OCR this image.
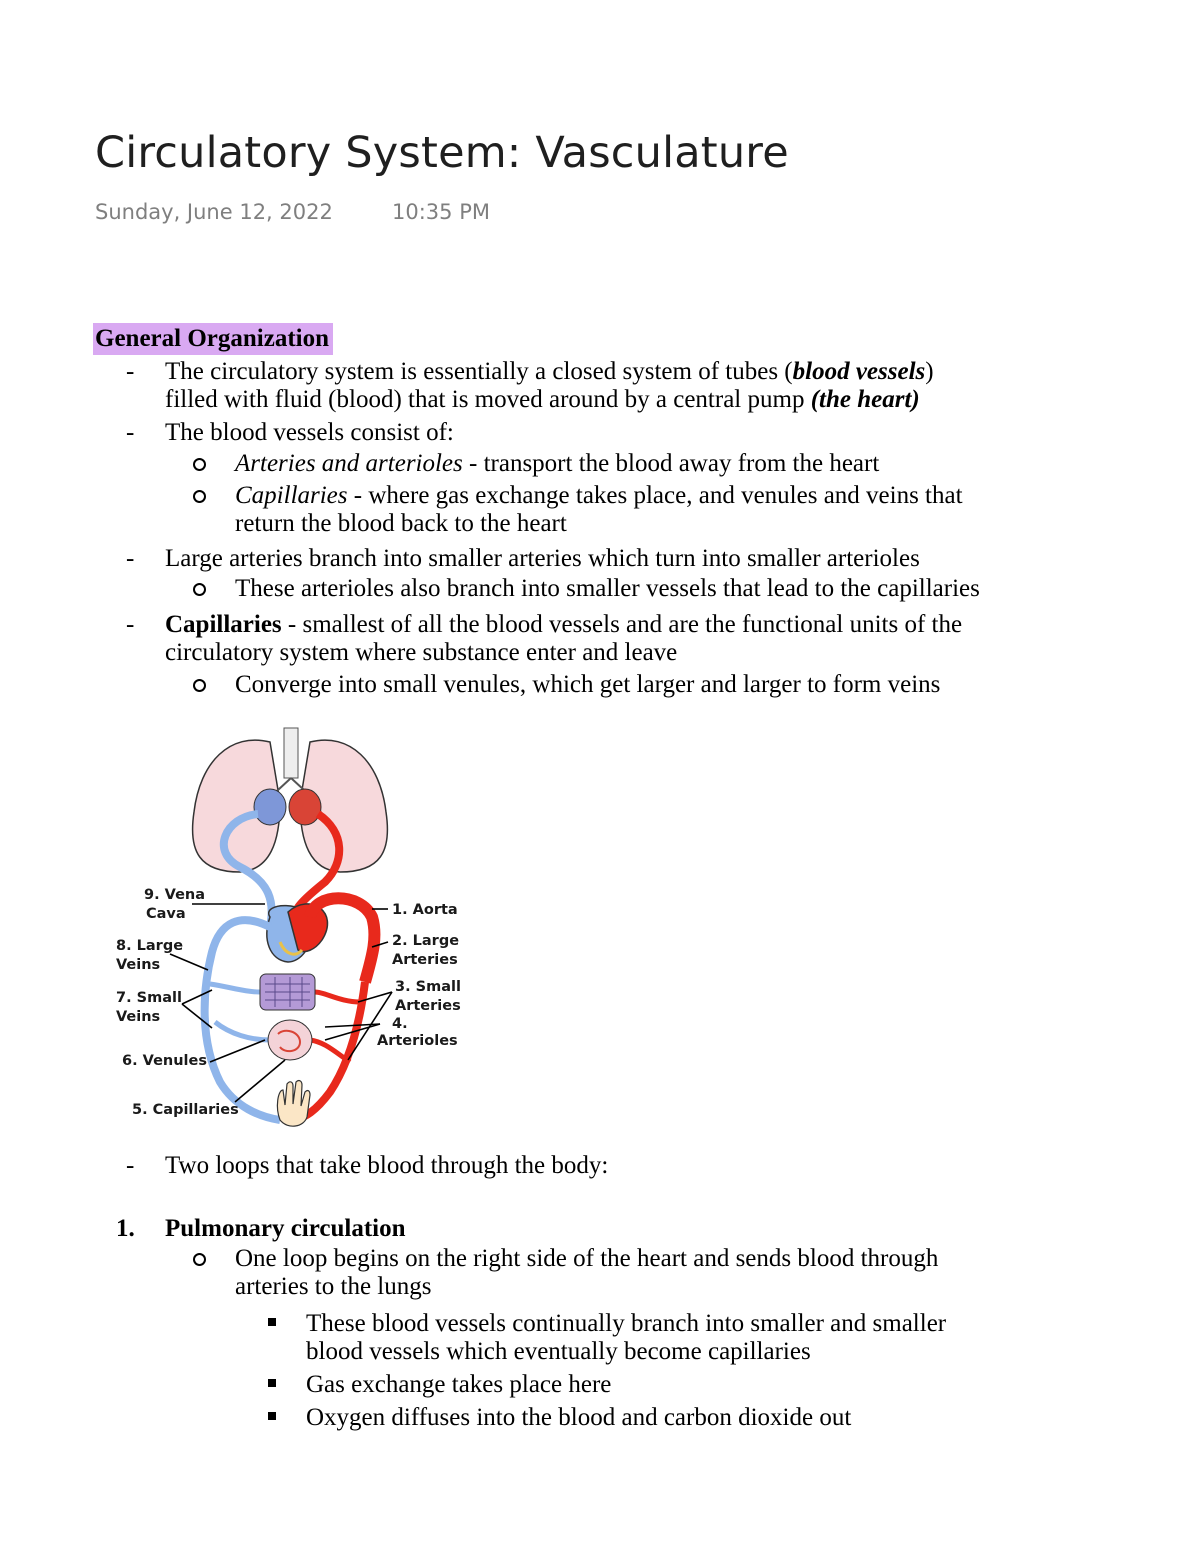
Circulatory System: Vasculature
Sunday, June 12, 2022	10:35 PM
General Organization
- The circulatory system is essentially a closed system of tubes (blood vessels)
filled with fluid (blood) that is moved around by a central pump (the heart)
- The blood vessels consist of:
Arteries and arterioles - transport the blood away from the heart
Capillaries - where gas exchange takes place, and venules and veins that
return the blood back to the heart
- Large arteries branch into smaller arteries which turn into smaller arterioles
These arterioles also branch into smaller vessels that lead to the capillaries
- Capillaries - smallest of all the blood vessels and are the functional units of the
circulatory system where substance enter and leave
Converge into small venules, which get larger and larger to form veins
9. Vena
Cava
8. Large
Veins
7. Small
Veins
6. Venules
5. Capillaries
1. Aorta
2. Large
Arteries
3. Small
Arteries
4.
Arterioles
- Two loops that take blood through the body:
1. Pulmonary circulation
One loop begins on the right side of the heart and sends blood through
arteries to the lungs
These blood vessels continually branch into smaller and smaller
blood vessels which eventually become capillaries
Gas exchange takes place here
Oxygen diffuses into the blood and carbon dioxide out
